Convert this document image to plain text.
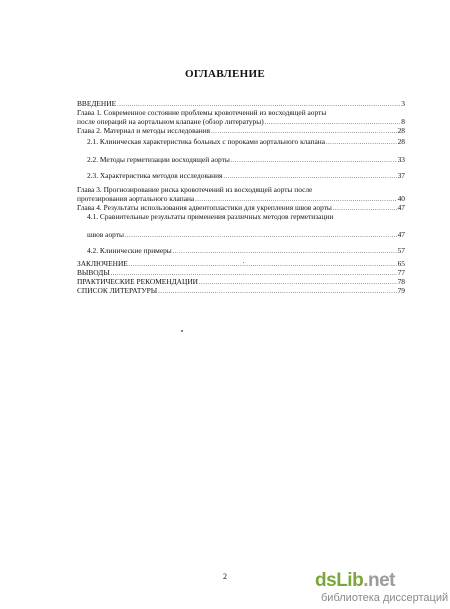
ОГЛАВЛЕНИЕ
ВВЕДЕНИЕ .....	3
Глава 1. Современное состояние проблемы кровотечений из восходящей аорты
после операций на аортальном клапане (обзор литературы) .....	8
Глава 2. Материал и методы исследования .....	28
2.1. Клиническая характеристика больных с пороками аортального клапана .....	28
2.2. Методы герметизации восходящей аорты .....	33
2.3. Характеристика методов исследования .....	37
Глава 3. Прогнозирование риска кровотечений из восходящей аорты после
протезирования аортального клапана .....	40
Глава 4. Результаты использования адвентопластики для укрепления швов аорты .....	47
4.1. Сравнительные результаты применения различных методов герметизации
швов аорты .....	47
4.2. Клинические примеры .....	57
ЗАКЛЮЧЕНИЕ .....	65
ВЫВОДЫ .....	77
ПРАКТИЧЕСКИЕ РЕКОМЕНДАЦИИ .....	78
СПИСОК ЛИТЕРАТУРЫ .....	79
2	dsLib.net
библиотека диссертаций
